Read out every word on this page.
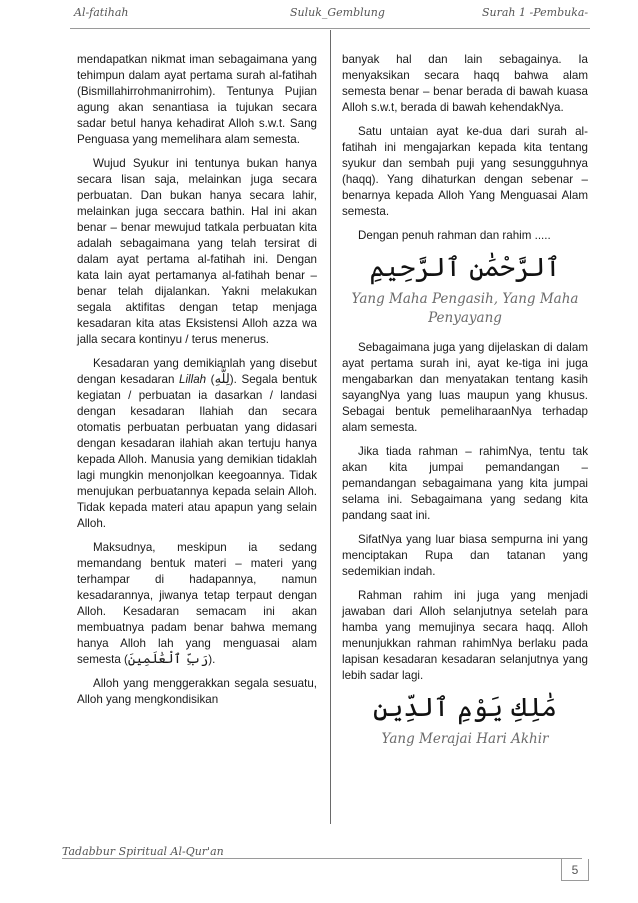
Al-fatihah	Suluk_Gemblung	Surah 1 -Pembuka-

mendapatkan nikmat iman sebagaimana yang tehimpun dalam ayat pertama surah al-fatihah (Bismillahirrohmanirrohim). Tentunya Pujian agung akan senantiasa ia tujukan secara sadar betul hanya kehadirat Alloh s.w.t. Sang Penguasa yang memelihara alam semesta.

Wujud Syukur ini tentunya bukan hanya secara lisan saja, melainkan juga secara perbuatan. Dan bukan hanya secara lahir, melainkan juga seccara bathin. Hal ini akan benar – benar mewujud tatkala perbuatan kita adalah sebagaimana yang telah tersirat di dalam ayat pertama al-fatihah ini. Dengan kata lain ayat pertamanya al-fatihah benar – benar telah dijalankan. Yakni melakukan segala aktifitas dengan tetap menjaga kesadaran kita atas Eksistensi Alloh azza wa jalla secara kontinyu / terus menerus.

Kesadaran yang demikianlah yang disebut dengan kesadaran Lillah (لِلَّهِ). Segala bentuk kegiatan / perbuatan ia dasarkan / landasi dengan kesadaran Ilahiah dan secara otomatis perbuatan perbuatan yang didasari dengan kesadaran ilahiah akan tertuju hanya kepada Alloh. Manusia yang demikian tidaklah lagi mungkin menonjolkan keegoannya. Tidak menujukan perbuatannya kepada selain Alloh. Tidak kepada materi atau apapun yang selain Alloh.

Maksudnya, meskipun ia sedang memandang bentuk materi – materi yang terhampar di hadapannya, namun kesadarannya, jiwanya tetap terpaut dengan Alloh. Kesadaran semacam ini akan membuatnya padam benar bahwa memang hanya Alloh lah yang menguasai alam semesta (رَبِّ ٱلْعَٰلَمِينَ).

Alloh yang menggerakkan segala sesuatu, Alloh yang mengkondisikan

banyak hal dan lain sebagainya. Ia menyaksikan secara haqq bahwa alam semesta benar – benar berada di bawah kuasa Alloh s.w.t, berada di bawah kehendakNya.

Satu untaian ayat ke-dua dari surah al-fatihah ini mengajarkan kepada kita tentang syukur dan sembah puji yang sesungguhnya (haqq). Yang dihaturkan dengan sebenar – benarnya kepada Alloh Yang Menguasai Alam semesta.

Dengan penuh rahman dan rahim .....

ٱلرَّحْمَٰنِ ٱلرَّحِيمِ
Yang Maha Pengasih, Yang Maha Penyayang

Sebagaimana juga yang dijelaskan di dalam ayat pertama surah ini, ayat ke-tiga ini juga mengabarkan dan menyatakan tentang kasih sayangNya yang luas maupun yang khusus. Sebagai bentuk pemeliharaanNya terhadap alam semesta.

Jika tiada rahman – rahimNya, tentu tak akan kita jumpai pemandangan – pemandangan sebagaimana yang kita jumpai selama ini. Sebagaimana yang sedang kita pandang saat ini.

SifatNya yang luar biasa sempurna ini yang menciptakan Rupa dan tatanan yang sedemikian indah.

Rahman rahim ini juga yang menjadi jawaban dari Alloh selanjutnya setelah para hamba yang memujinya secara haqq. Alloh menunjukkan rahman rahimNya berlaku pada lapisan kesadaran kesadaran selanjutnya yang lebih sadar lagi.

مَٰلِكِ يَوْمِ ٱلدِّينِ
Yang Merajai Hari Akhir
Tadabbur Spiritual Al-Qur'an
5
